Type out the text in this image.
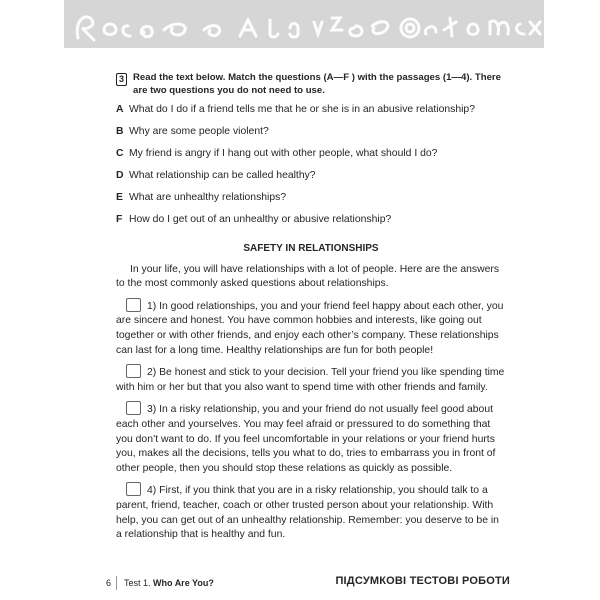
3 Read the text below. Match the questions (A—F ) with the passages (1—4). There are two questions you do not need to use.
A What do I do if a friend tells me that he or she is in an abusive relationship?
B Why are some people violent?
C My friend is angry if I hang out with other people, what should I do?
D What relationship can be called healthy?
E What are unhealthy relationships?
F How do I get out of an unhealthy or abusive relationship?
SAFETY IN RELATIONSHIPS

In your life, you will have relationships with a lot of people. Here are the answers to the most commonly asked questions about relationships.

1) In good relationships, you and your friend feel happy about each other, you are sincere and honest. You have common hobbies and interests, like going out together or with other friends, and enjoy each other’s company. These relationships can last for a long time. Healthy relationships are fun for both people!

2) Be honest and stick to your decision. Tell your friend you like spending time with him or her but that you also want to spend time with other friends and family.

3) In a risky relationship, you and your friend do not usually feel good about each other and yourselves. You may feel afraid or pressured to do something that you don’t want to do. If you feel uncomfortable in your relations or your friend hurts you, makes all the decisions, tells you what to do, tries to embarrass you in front of other people, then you should stop these relations as quickly as possible.

4) First, if you think that you are in a risky relationship, you should talk to a parent, friend, teacher, coach or other trusted person about your relationship. With help, you can get out of an unhealthy relationship. Remember: you deserve to be in a relationship that is healthy and fun.

6 Test 1. Who Are You?	ПІДСУМКОВІ ТЕСТОВІ РОБОТИ
